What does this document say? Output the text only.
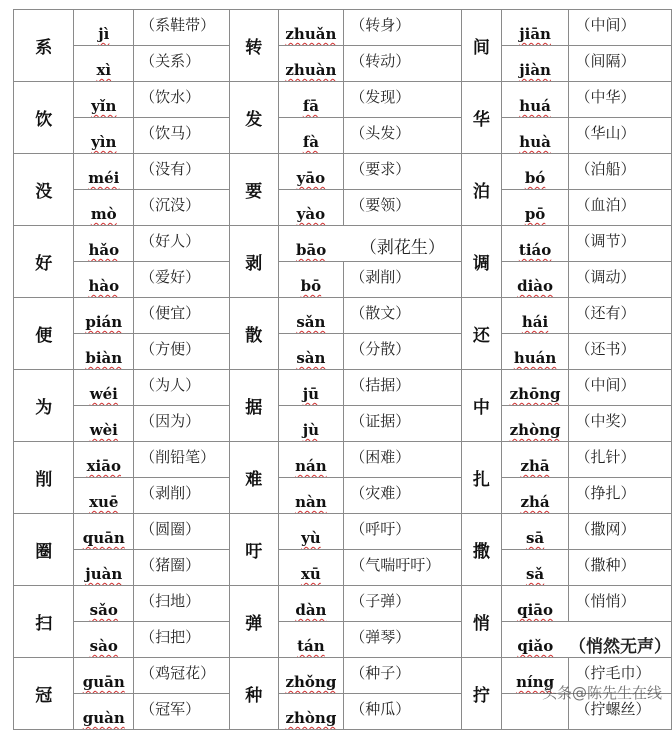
系	jì	（系鞋带）	转	zhuǎn	（转身）	间	jiān	（中间）
	xì	（关系）		zhuàn	（转动）		jiàn	（间隔）
饮	yǐn	（饮水）	发	fā	（发现）	华	huá	（中华）
	yìn	（饮马）		fà	（头发）		huà	（华山）
没	méi	（没有）	要	yāo	（要求）	泊	bó	（泊船）
	mò	（沉没）		yào	（要领）		pō	（血泊）
好	hǎo	（好人）	剥	bāo	（剥花生）	调	tiáo	（调节）
	hào	（爱好）		bō	（剥削）		diào	（调动）
便	pián	（便宜）	散	sǎn	（散文）	还	hái	（还有）
	biàn	（方便）		sàn	（分散）		huán	（还书）
为	wéi	（为人）	据	jū	（拮据）	中	zhōng	（中间）
	wèi	（因为）		jù	（证据）		zhòng	（中奖）
削	xiāo	（削铅笔）	难	nán	（困难）	扎	zhā	（扎针）
	xuē	（剥削）		nàn	（灾难）		zhá	（挣扎）
圈	quān	（圆圈）	吁	yù	（呼吁）	撒	sā	（撒网）
	juàn	（猪圈）		xū	（气喘吁吁）		sǎ	（撒种）
扫	sǎo	（扫地）	弹	dàn	（子弹）	悄	qiāo	（悄悄）
	sào	（扫把）		tán	（弹琴）		qiǎo	（悄然无声）
冠	guān	（鸡冠花）	种	zhǒng	（种子）	拧	níng	（拧毛巾）
	guàn	（冠军）		zhòng	（种瓜）			（拧螺丝）
头条@陈先生在线
